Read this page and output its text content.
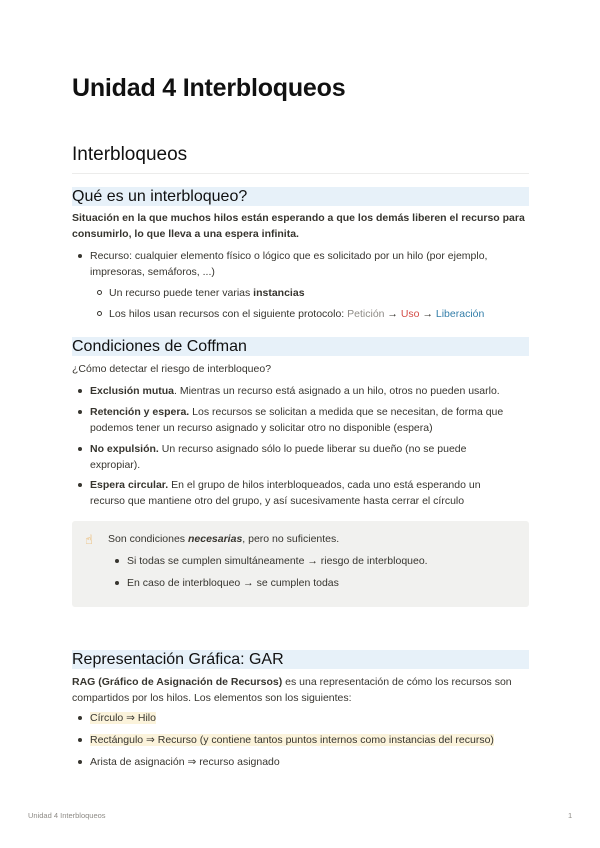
Unidad 4 Interbloqueos
Interbloqueos
Qué es un interbloqueo?
Situación en la que muchos hilos están esperando a que los demás liberen el recurso para
consumirlo, lo que lleva a una espera infinita.
Recurso: cualquier elemento físico o lógico que es solicitado por un hilo (por ejemplo,
impresoras, semáforos, ...)
Un recurso puede tener varias instancias
Los hilos usan recursos con el siguiente protocolo: Petición → Uso → Liberación
Condiciones de Coffman
¿Cómo detectar el riesgo de interbloqueo?
Exclusión mutua. Mientras un recurso está asignado a un hilo, otros no pueden usarlo.
Retención y espera. Los recursos se solicitan a medida que se necesitan, de forma que
podemos tener un recurso asignado y solicitar otro no disponible (espera)
No expulsión. Un recurso asignado sólo lo puede liberar su dueño (no se puede
expropiar).
Espera circular. En el grupo de hilos interbloqueados, cada uno está esperando un
recurso que mantiene otro del grupo, y así sucesivamente hasta cerrar el círculo
☝ Son condiciones necesarias, pero no suficientes.
Si todas se cumplen simultáneamente → riesgo de interbloqueo.
En caso de interbloqueo → se cumplen todas
Representación Gráfica: GAR
RAG (Gráfico de Asignación de Recursos) es una representación de cómo los recursos son
compartidos por los hilos. Los elementos son los siguientes:
Círculo ⇒ Hilo
Rectángulo ⇒ Recurso (y contiene tantos puntos internos como instancias del recurso)
Arista de asignación ⇒ recurso asignado
Unidad 4 Interbloqueos	1
